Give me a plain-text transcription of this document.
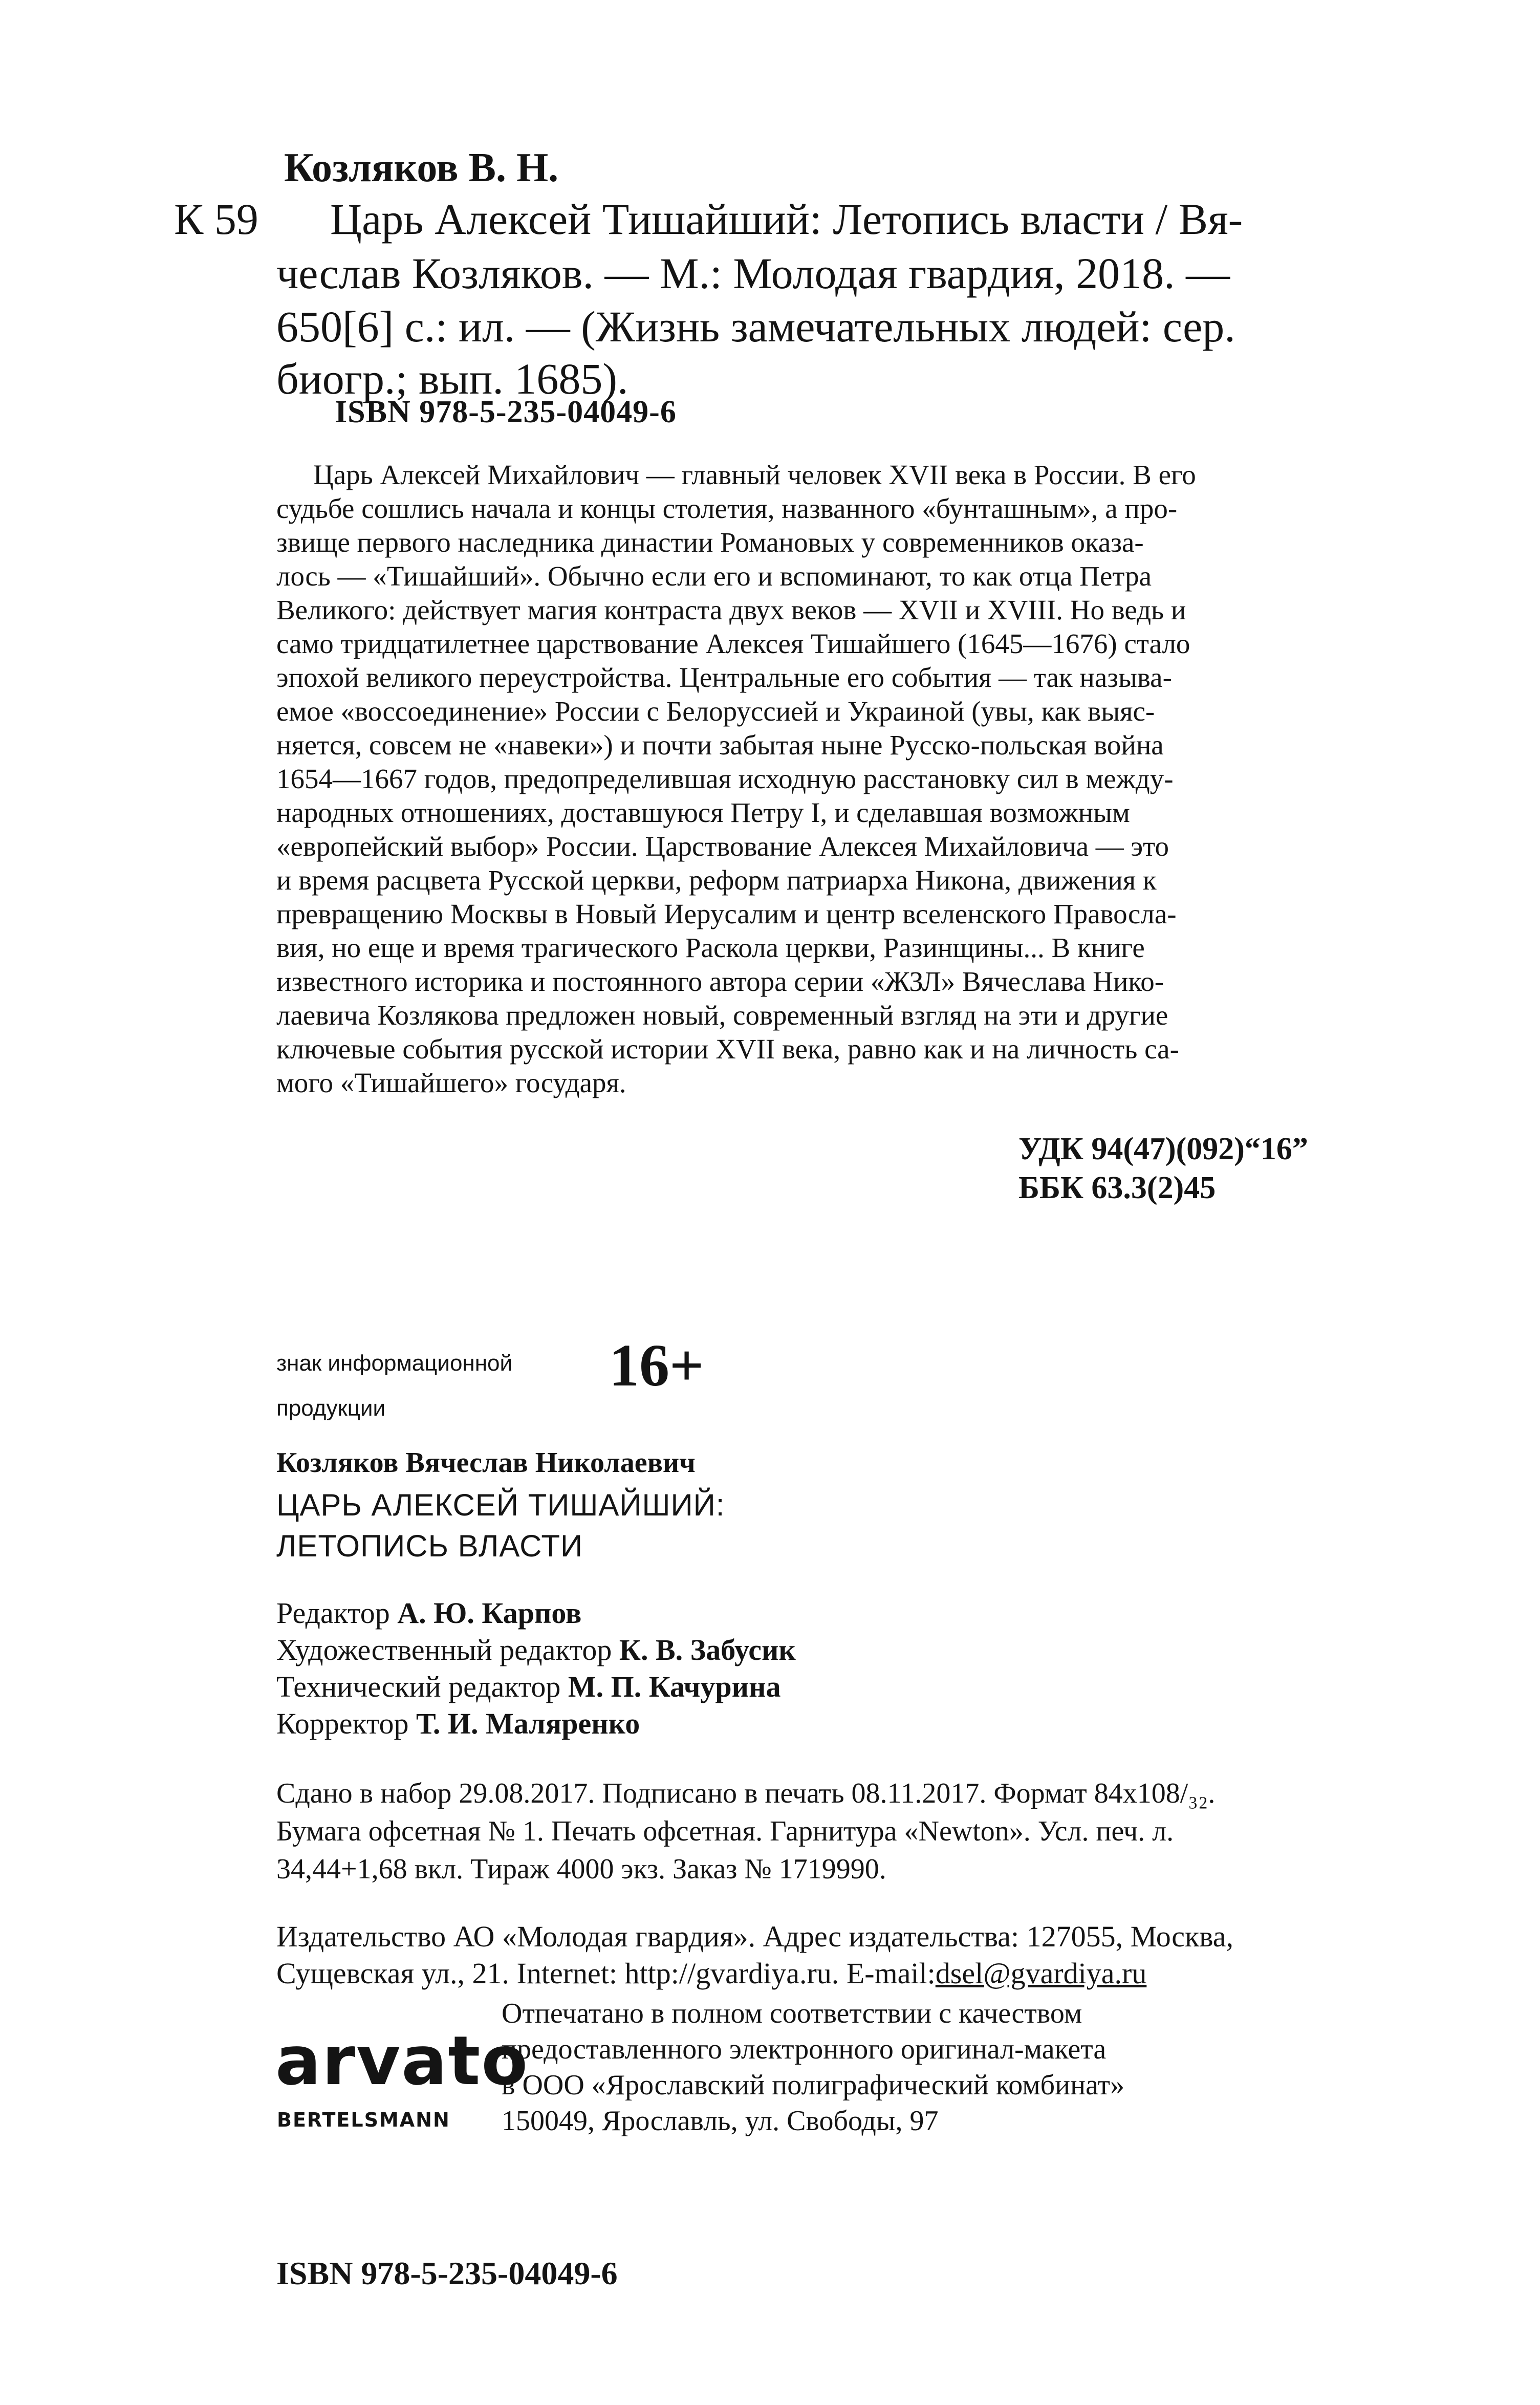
Козляков В. Н.
К 59 Царь Алексей Тишайший: Летопись власти / Вя-
чеслав Козляков. — М.: Молодая гвардия, 2018. —
650[6] с.: ил. — (Жизнь замечательных людей: сер.
биогр.; вып. 1685).
ISBN 978-5-235-04049-6
Царь Алексей Михайлович — главный человек XVII века в России. В его
судьбе сошлись начала и концы столетия, названного «бунташным», а про-
звище первого наследника династии Романовых у современников оказа-
лось — «Тишайший». Обычно если его и вспоминают, то как отца Петра
Великого: действует магия контраста двух веков — XVII и XVIII. Но ведь и
само тридцатилетнее царствование Алексея Тишайшего (1645—1676) стало
эпохой великого переустройства. Центральные его события — так называ-
емое «воссоединение» России с Белоруссией и Украиной (увы, как выяс-
няется, совсем не «навеки») и почти забытая ныне Русско-польская война
1654—1667 годов, предопределившая исходную расстановку сил в между-
народных отношениях, доставшуюся Петру I, и сделавшая возможным
«европейский выбор» России. Царствование Алексея Михайловича — это
и время расцвета Русской церкви, реформ патриарха Никона, движения к
превращению Москвы в Новый Иерусалим и центр вселенского Правосла-
вия, но еще и время трагического Раскола церкви, Разинщины... В книге
известного историка и постоянного автора серии «ЖЗЛ» Вячеслава Нико-
лаевича Козлякова предложен новый, современный взгляд на эти и другие
ключевые события русской истории XVII века, равно как и на личность са-
мого «Тишайшего» государя.
УДК 94(47)(092)“16”
ББК 63.3(2)45
знак информационной
продукции
16+
Козляков Вячеслав Николаевич
ЦАРЬ АЛЕКСЕЙ ТИШАЙШИЙ:
ЛЕТОПИСЬ ВЛАСТИ
Редактор А. Ю. Карпов
Художественный редактор К. В. Забусик
Технический редактор М. П. Качурина
Корректор Т. И. Маляренко
Сдано в набор 29.08.2017. Подписано в печать 08.11.2017. Формат 84x108/₃₂.
Бумага офсетная № 1. Печать офсетная. Гарнитура «Newton». Усл. печ. л.
34,44+1,68 вкл. Тираж 4000 экз. Заказ № 1719990.
Издательство АО «Молодая гвардия». Адрес издательства: 127055, Москва,
Сущевская ул., 21. Internet: http://gvardiya.ru. E-mail:dsel@gvardiya.ru
arvato
BERTELSMANN
Отпечатано в полном соответствии с качеством
предоставленного электронного оригинал-макета
в ООО «Ярославский полиграфический комбинат»
150049, Ярославль, ул. Свободы, 97
ISBN 978-5-235-04049-6
